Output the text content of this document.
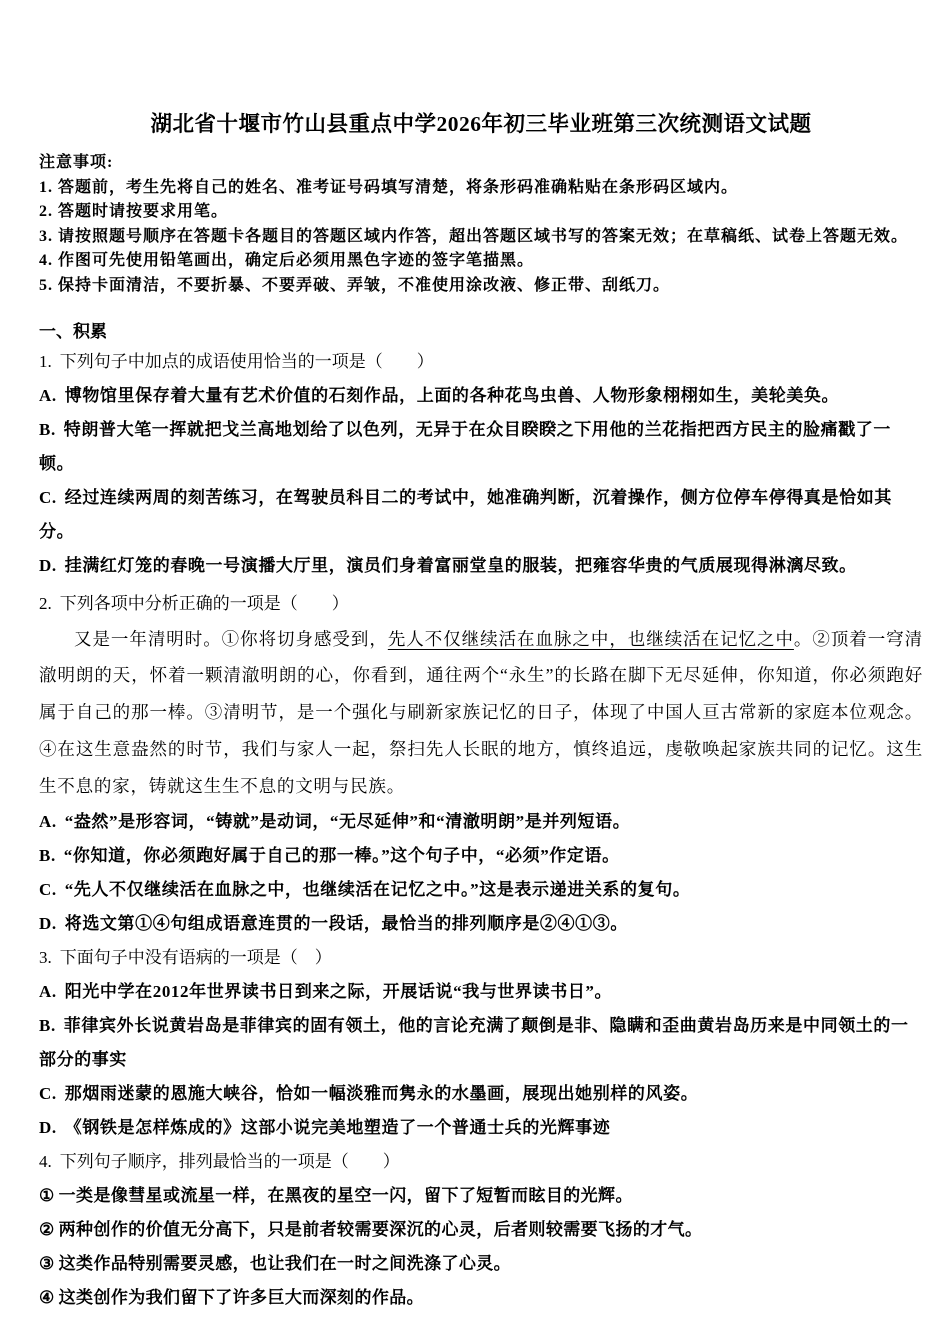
湖北省十堰市竹山县重点中学2026年初三毕业班第三次统测语文试题
注意事项:
1. 答题前，考生先将自己的姓名、准考证号码填写清楚，将条形码准确粘贴在条形码区域内。
2. 答题时请按要求用笔。
3. 请按照题号顺序在答题卡各题目的答题区域内作答，超出答题区域书写的答案无效；在草稿纸、试卷上答题无效。
4. 作图可先使用铅笔画出，确定后必须用黑色字迹的签字笔描黑。
5. 保持卡面清洁，不要折暴、不要弄破、弄皱，不准使用涂改液、修正带、刮纸刀。
一、积累
1. 下列句子中加点的成语使用恰当的一项是（　　）
A. 博物馆里保存着大量有艺术价值的石刻作品，上面的各种花鸟虫兽、人物形象栩栩如生，美轮美奂。
B. 特朗普大笔一挥就把戈兰高地划给了以色列，无异于在众目睽睽之下用他的兰花指把西方民主的脸痛戳了一顿。
C. 经过连续两周的刻苦练习，在驾驶员科目二的考试中，她准确判断，沉着操作，侧方位停车停得真是恰如其分。
D. 挂满红灯笼的春晚一号演播大厅里，演员们身着富丽堂皇的服装，把雍容华贵的气质展现得淋漓尽致。
2. 下列各项中分析正确的一项是（　　）

又是一年清明时。①你将切身感受到，先人不仅继续活在血脉之中，也继续活在记忆之中。②顶着一穹清澈明朗的天，怀着一颗清澈明朗的心，你看到，通往两个“永生”的长路在脚下无尽延伸，你知道，你必须跑好属于自己的那一棒。③清明节，是一个强化与刷新家族记忆的日子，体现了中国人亘古常新的家庭本位观念。④在这生意盎然的时节，我们与家人一起，祭扫先人长眠的地方，慎终追远，虔敬唤起家族共同的记忆。这生生不息的家，铸就这生生不息的文明与民族。

A. “盎然”是形容词，“铸就”是动词，“无尽延伸”和“清澈明朗”是并列短语。
B. “你知道，你必须跑好属于自己的那一棒。”这个句子中，“必须”作定语。
C. “先人不仅继续活在血脉之中，也继续活在记忆之中。”这是表示递进关系的复句。
D. 将选文第①④句组成语意连贯的一段话，最恰当的排列顺序是②④①③。
3. 下面句子中没有语病的一项是（　）
A. 阳光中学在2012年世界读书日到来之际，开展话说“我与世界读书日”。
B. 菲律宾外长说黄岩岛是菲律宾的固有领土，他的言论充满了颠倒是非、隐瞒和歪曲黄岩岛历来是中同领土的一部分的事实
C. 那烟雨迷蒙的恩施大峡谷，恰如一幅淡雅而隽永的水墨画，展现出她别样的风姿。
D. 《钢铁是怎样炼成的》这部小说完美地塑造了一个普通士兵的光辉事迹
4. 下列句子顺序，排列最恰当的一项是（　　）
① 一类是像彗星或流星一样，在黑夜的星空一闪，留下了短暂而眩目的光辉。
② 两种创作的价值无分高下，只是前者较需要深沉的心灵，后者则较需要飞扬的才气。
③ 这类作品特别需要灵感，也让我们在一时之间洗涤了心灵。
④ 这类创作为我们留下了许多巨大而深刻的作品。
